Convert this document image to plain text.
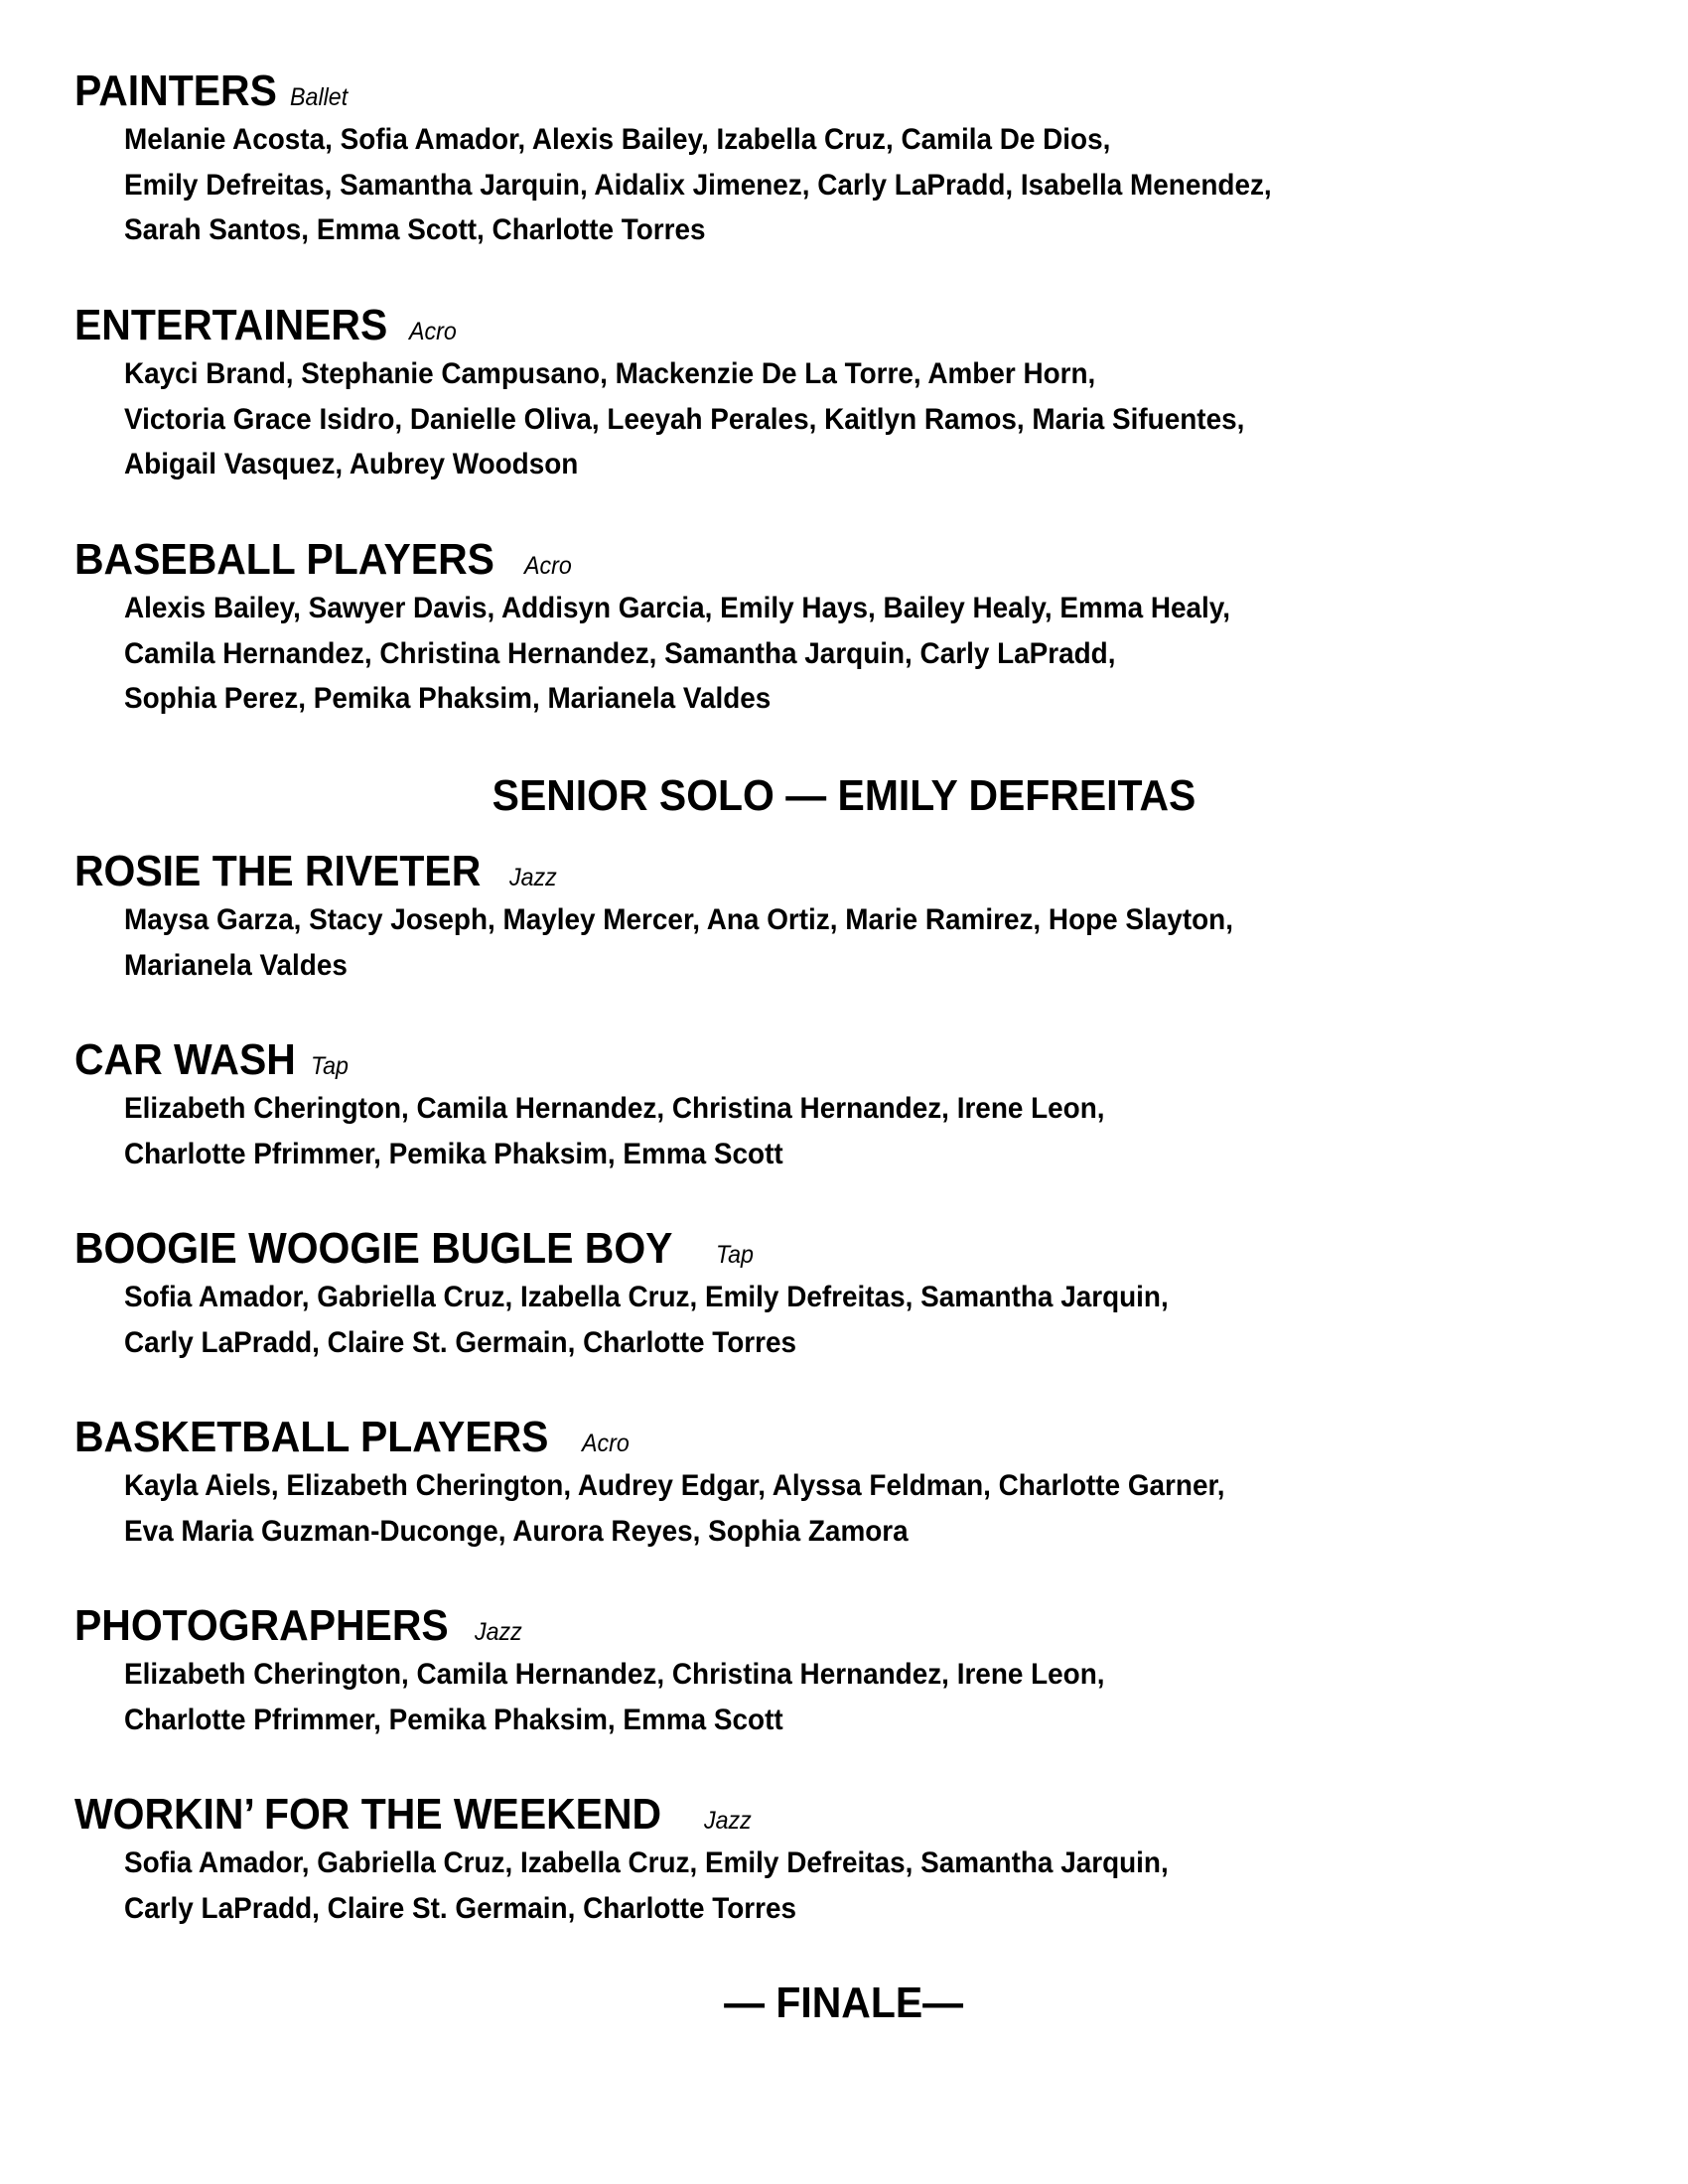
PAINTERS Ballet
Melanie Acosta, Sofia Amador, Alexis Bailey, Izabella Cruz, Camila De Dios,
Emily Defreitas, Samantha Jarquin, Aidalix Jimenez, Carly LaPradd, Isabella Menendez,
Sarah Santos, Emma Scott, Charlotte Torres
ENTERTAINERS Acro
Kayci Brand, Stephanie Campusano, Mackenzie De La Torre, Amber Horn,
Victoria Grace Isidro, Danielle Oliva, Leeyah Perales, Kaitlyn Ramos, Maria Sifuentes,
Abigail Vasquez, Aubrey Woodson
BASEBALL PLAYERS Acro
Alexis Bailey, Sawyer Davis, Addisyn Garcia, Emily Hays, Bailey Healy, Emma Healy,
Camila Hernandez, Christina Hernandez, Samantha Jarquin, Carly LaPradd,
Sophia Perez, Pemika Phaksim, Marianela Valdes
SENIOR SOLO — EMILY DEFREITAS
ROSIE THE RIVETER Jazz
Maysa Garza, Stacy Joseph, Mayley Mercer, Ana Ortiz, Marie Ramirez, Hope Slayton,
Marianela Valdes
CAR WASH Tap
Elizabeth Cherington, Camila Hernandez, Christina Hernandez, Irene Leon,
Charlotte Pfrimmer, Pemika Phaksim, Emma Scott
BOOGIE WOOGIE BUGLE BOY Tap
Sofia Amador, Gabriella Cruz, Izabella Cruz, Emily Defreitas, Samantha Jarquin,
Carly LaPradd, Claire St. Germain, Charlotte Torres
BASKETBALL PLAYERS Acro
Kayla Aiels, Elizabeth Cherington, Audrey Edgar, Alyssa Feldman, Charlotte Garner,
Eva Maria Guzman-Duconge, Aurora Reyes, Sophia Zamora
PHOTOGRAPHERS Jazz
Elizabeth Cherington, Camila Hernandez, Christina Hernandez, Irene Leon,
Charlotte Pfrimmer, Pemika Phaksim, Emma Scott
WORKIN’ FOR THE WEEKEND Jazz
Sofia Amador, Gabriella Cruz, Izabella Cruz, Emily Defreitas, Samantha Jarquin,
Carly LaPradd, Claire St. Germain, Charlotte Torres
— FINALE—
